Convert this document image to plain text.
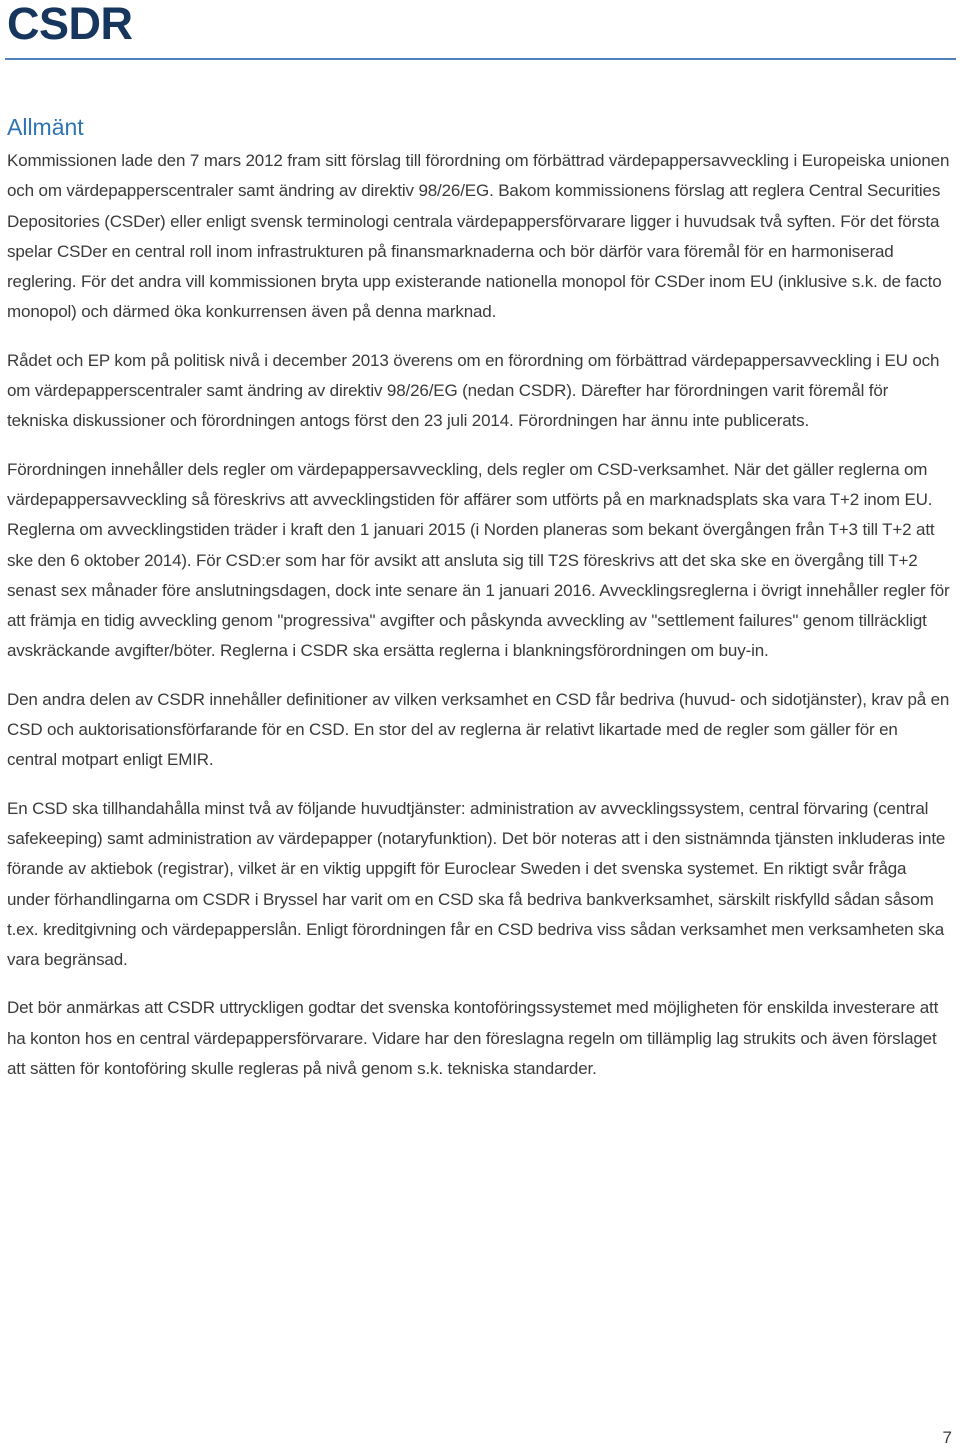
CSDR
Allmänt

Kommissionen lade den 7 mars 2012 fram sitt förslag till förordning om förbättrad värdepappersavveckling i Europeiska unionen och om värdepapperscentraler samt ändring av direktiv 98/26/EG. Bakom kommissionens förslag att reglera Central Securities Depositories (CSDer) eller enligt svensk terminologi centrala värdepappersförvarare ligger i huvudsak två syften. För det första spelar CSDer en central roll inom infrastrukturen på finansmarknaderna och bör därför vara föremål för en harmoniserad reglering. För det andra vill kommissionen bryta upp existerande nationella monopol för CSDer inom EU (inklusive s.k. de facto monopol) och därmed öka konkurrensen även på denna marknad.

Rådet och EP kom på politisk nivå i december 2013 överens om en förordning om förbättrad värdepappersavveckling i EU och om värdepapperscentraler samt ändring av direktiv 98/26/EG (nedan CSDR). Därefter har förordningen varit föremål för tekniska diskussioner och förordningen antogs först den 23 juli 2014. Förordningen har ännu inte publicerats.

Förordningen innehåller dels regler om värdepappersavveckling, dels regler om CSD-verksamhet. När det gäller reglerna om värdepappersavveckling så föreskrivs att avvecklingstiden för affärer som utförts på en marknadsplats ska vara T+2 inom EU. Reglerna om avvecklingstiden träder i kraft den 1 januari 2015 (i Norden planeras som bekant övergången från T+3 till T+2 att ske den 6 oktober 2014). För CSD:er som har för avsikt att ansluta sig till T2S föreskrivs att det ska ske en övergång till T+2 senast sex månader före anslutningsdagen, dock inte senare än 1 januari 2016. Avvecklingsreglerna i övrigt innehåller regler för att främja en tidig avveckling genom "progressiva" avgifter och påskynda avveckling av "settlement failures" genom tillräckligt avskräckande avgifter/böter. Reglerna i CSDR ska ersätta reglerna i blankningsförordningen om buy-in.

Den andra delen av CSDR innehåller definitioner av vilken verksamhet en CSD får bedriva (huvud- och sidotjänster), krav på en CSD och auktorisationsförfarande för en CSD. En stor del av reglerna är relativt likartade med de regler som gäller för en central motpart enligt EMIR.

En CSD ska tillhandahålla minst två av följande huvudtjänster: administration av avvecklingssystem, central förvaring (central safekeeping) samt administration av värdepapper (notaryfunktion). Det bör noteras att i den sistnämnda tjänsten inkluderas inte förande av aktiebok (registrar), vilket är en viktig uppgift för Euroclear Sweden i det svenska systemet. En riktigt svår fråga under förhandlingarna om CSDR i Bryssel har varit om en CSD ska få bedriva bankverksamhet, särskilt riskfylld sådan såsom t.ex. kreditgivning och värdepapperslån. Enligt förordningen får en CSD bedriva viss sådan verksamhet men verksamheten ska vara begränsad.

Det bör anmärkas att CSDR uttryckligen godtar det svenska kontoföringssystemet med möjligheten för enskilda investerare att ha konton hos en central värdepappersförvarare. Vidare har den föreslagna regeln om tillämplig lag strukits och även förslaget att sätten för kontoföring skulle regleras på nivå genom s.k. tekniska standarder.

7
